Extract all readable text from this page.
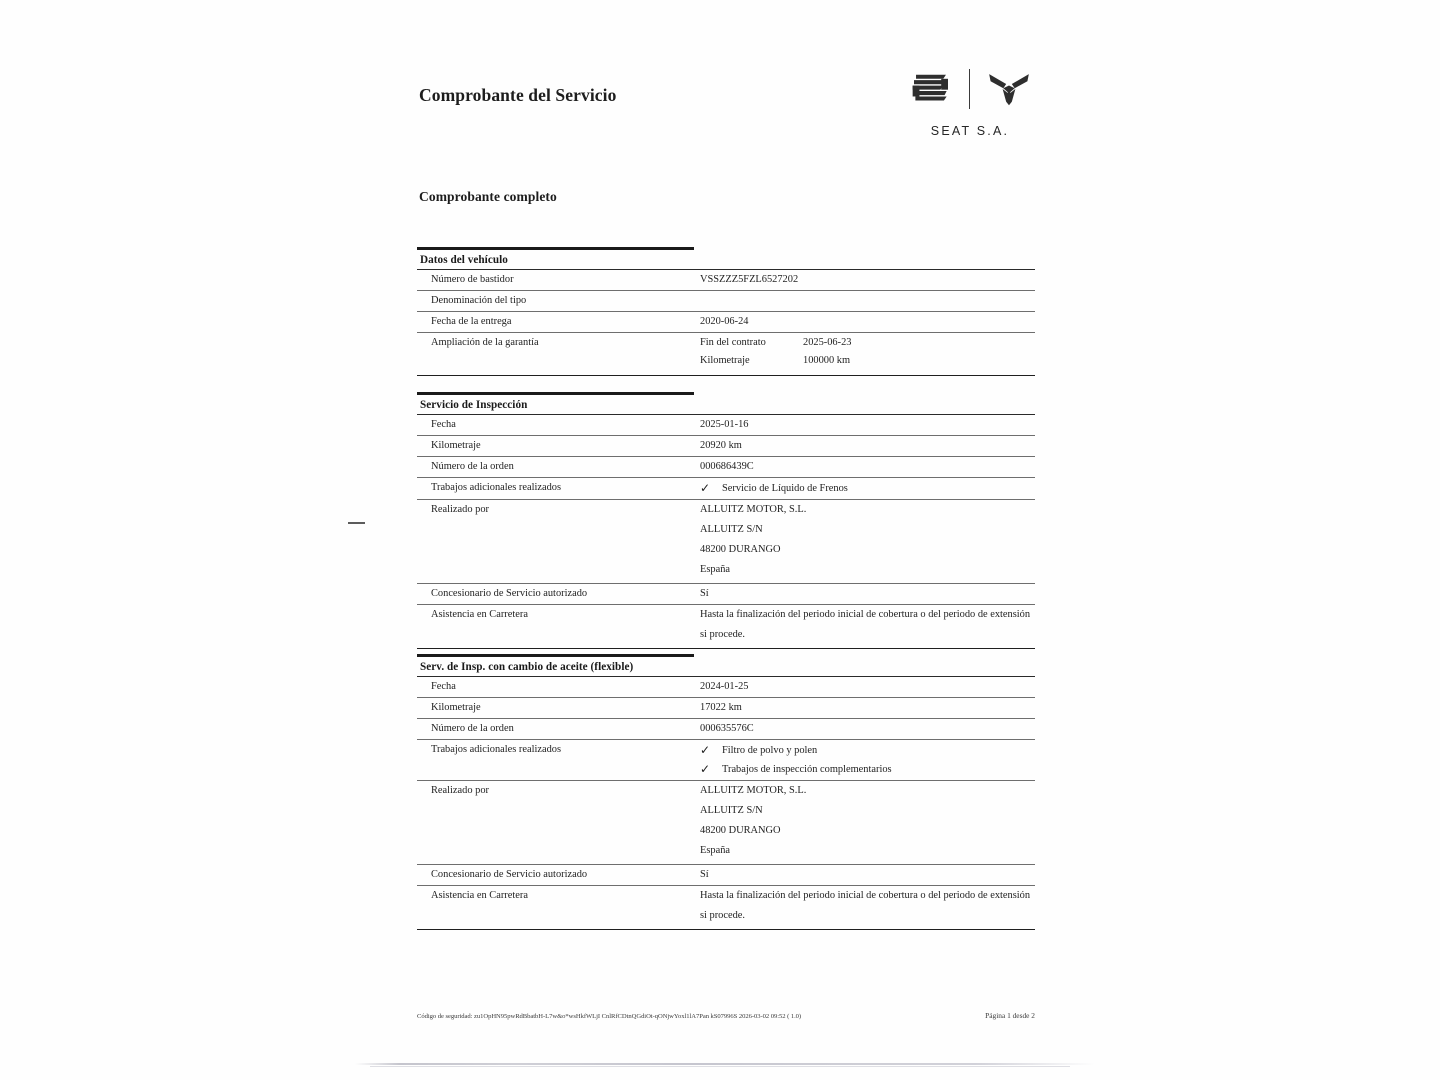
Comprobante del Servicio
SEAT S.A.
Comprobante completo
Datos del vehículo
Número de bastidor	VSSZZZ5FZL6527202
Denominación del tipo
Fecha de la entrega	2020-06-24
Ampliación de la garantía	Fin del contrato	2025-06-23
Kilometraje	100000 km
Servicio de Inspección
Fecha	2025-01-16
Kilometraje	20920 km
Número de la orden	000686439C
Trabajos adicionales realizados	✓	Servicio de Líquido de Frenos
Realizado por	ALLUITZ MOTOR, S.L.
ALLUITZ S/N
48200 DURANGO
España
Concesionario de Servicio autorizado	Sí
Asistencia en Carretera	Hasta la finalización del periodo inicial de cobertura o del periodo de extensión
si procede.
Serv. de Insp. con cambio de aceite (flexible)
Fecha	2024-01-25
Kilometraje	17022 km
Número de la orden	000635576C
Trabajos adicionales realizados	✓	Filtro de polvo y polen
✓	Trabajos de inspección complementarios
Realizado por	ALLUITZ MOTOR, S.L.
ALLUITZ S/N
48200 DURANGO
España
Concesionario de Servicio autorizado	Sí
Asistencia en Carretera	Hasta la finalización del periodo inicial de cobertura o del periodo de extensión
si procede.
Código de seguridad: zu1OpHN95pwRdBbatbH-L7w&o*wsHkfWLjI CnlRfCDtnQGdiOt-qONjwYoxl1lA7Pan kS07996S 2026-03-02 09:52 ( 1.0)	Página 1 desde 2
